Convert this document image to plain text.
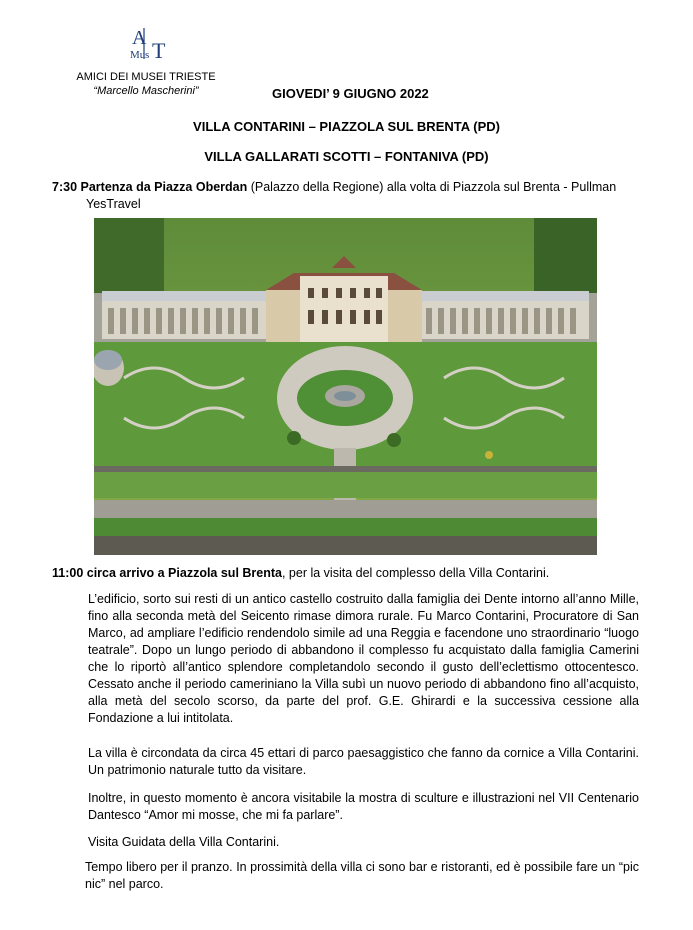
A
Mu s T
AMICI DEI MUSEI TRIESTE
“Marcello Mascherini”	GIOVEDI’ 9 GIUGNO 2022
VILLA CONTARINI – PIAZZOLA SUL BRENTA (PD)
VILLA GALLARATI SCOTTI – FONTANIVA (PD)
7:30 Partenza da Piazza Oberdan (Palazzo della Regione) alla volta di Piazzola sul Brenta - Pullman
YesTravel
11:00 circa arrivo a Piazzola sul Brenta, per la visita del complesso della Villa Contarini.
L’edificio, sorto sui resti di un antico castello costruito dalla famiglia dei Dente intorno all’anno Mille, fino alla seconda metà del Seicento rimase dimora rurale. Fu Marco Contarini, Procuratore di San Marco, ad ampliare l’edificio rendendolo simile ad una Reggia e facendone uno straordinario “luogo teatrale”. Dopo un lungo periodo di abbandono il complesso fu acquistato dalla famiglia Camerini che lo riportò all’antico splendore completandolo secondo il gusto dell’eclettismo ottocentesco. Cessato anche il periodo cameriniano la Villa subì un nuovo periodo di abbandono fino all’acquisto, alla metà del secolo scorso, da parte del prof. G.E. Ghirardi e la successiva cessione alla Fondazione a lui intitolata.
La villa è circondata da circa 45 ettari di parco paesaggistico che fanno da cornice a Villa Contarini. Un patrimonio naturale tutto da visitare.
Inoltre, in questo momento è ancora visitabile la mostra di sculture e illustrazioni nel VII Centenario Dantesco “Amor mi mosse, che mi fa parlare”.
Visita Guidata della Villa Contarini.
Tempo libero per il pranzo. In prossimità della villa ci sono bar e ristoranti, ed è possibile fare un “pic nic” nel parco.
